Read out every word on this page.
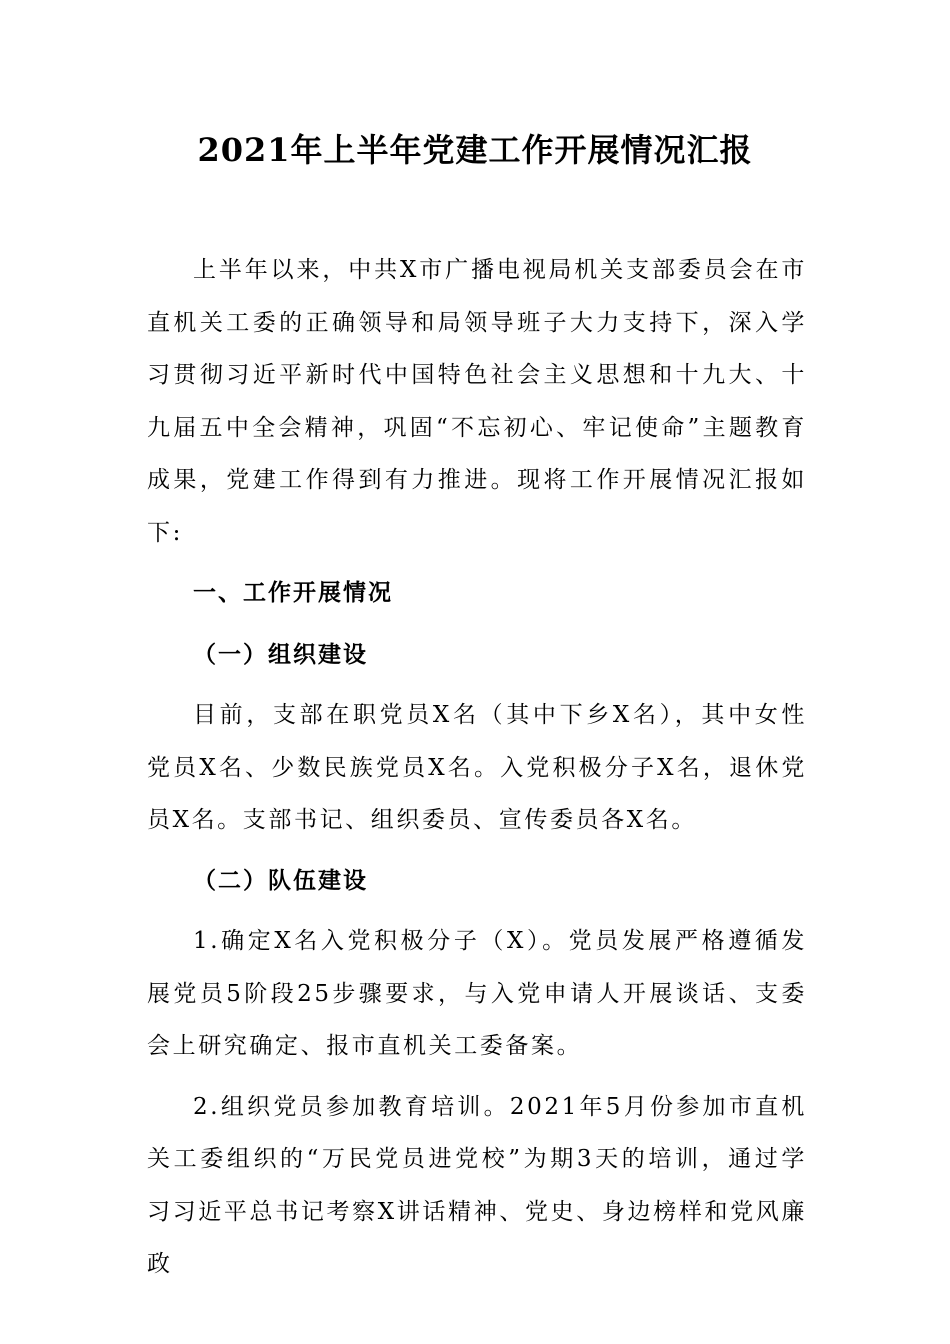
2021年上半年党建工作开展情况汇报

上半年以来，中共X市广播电视局机关支部委员会在市直机关工委的正确领导和局领导班子大力支持下，深入学习贯彻习近平新时代中国特色社会主义思想和十九大、十九届五中全会精神，巩固“不忘初心、牢记使命”主题教育成果，党建工作得到有力推进。现将工作开展情况汇报如下:

一、工作开展情况

（一）组织建设

目前，支部在职党员X名（其中下乡X名），其中女性党员X名、少数民族党员X名。入党积极分子X名，退休党员X名。支部书记、组织委员、宣传委员各X名。

（二）队伍建设

1.确定X名入党积极分子（X）。党员发展严格遵循发展党员5阶段25步骤要求，与入党申请人开展谈话、支委会上研究确定、报市直机关工委备案。

2.组织党员参加教育培训。2021年5月份参加市直机关工委组织的“万民党员进党校”为期3天的培训，通过学习习近平总书记考察X讲话精神、党史、身边榜样和党风廉政
